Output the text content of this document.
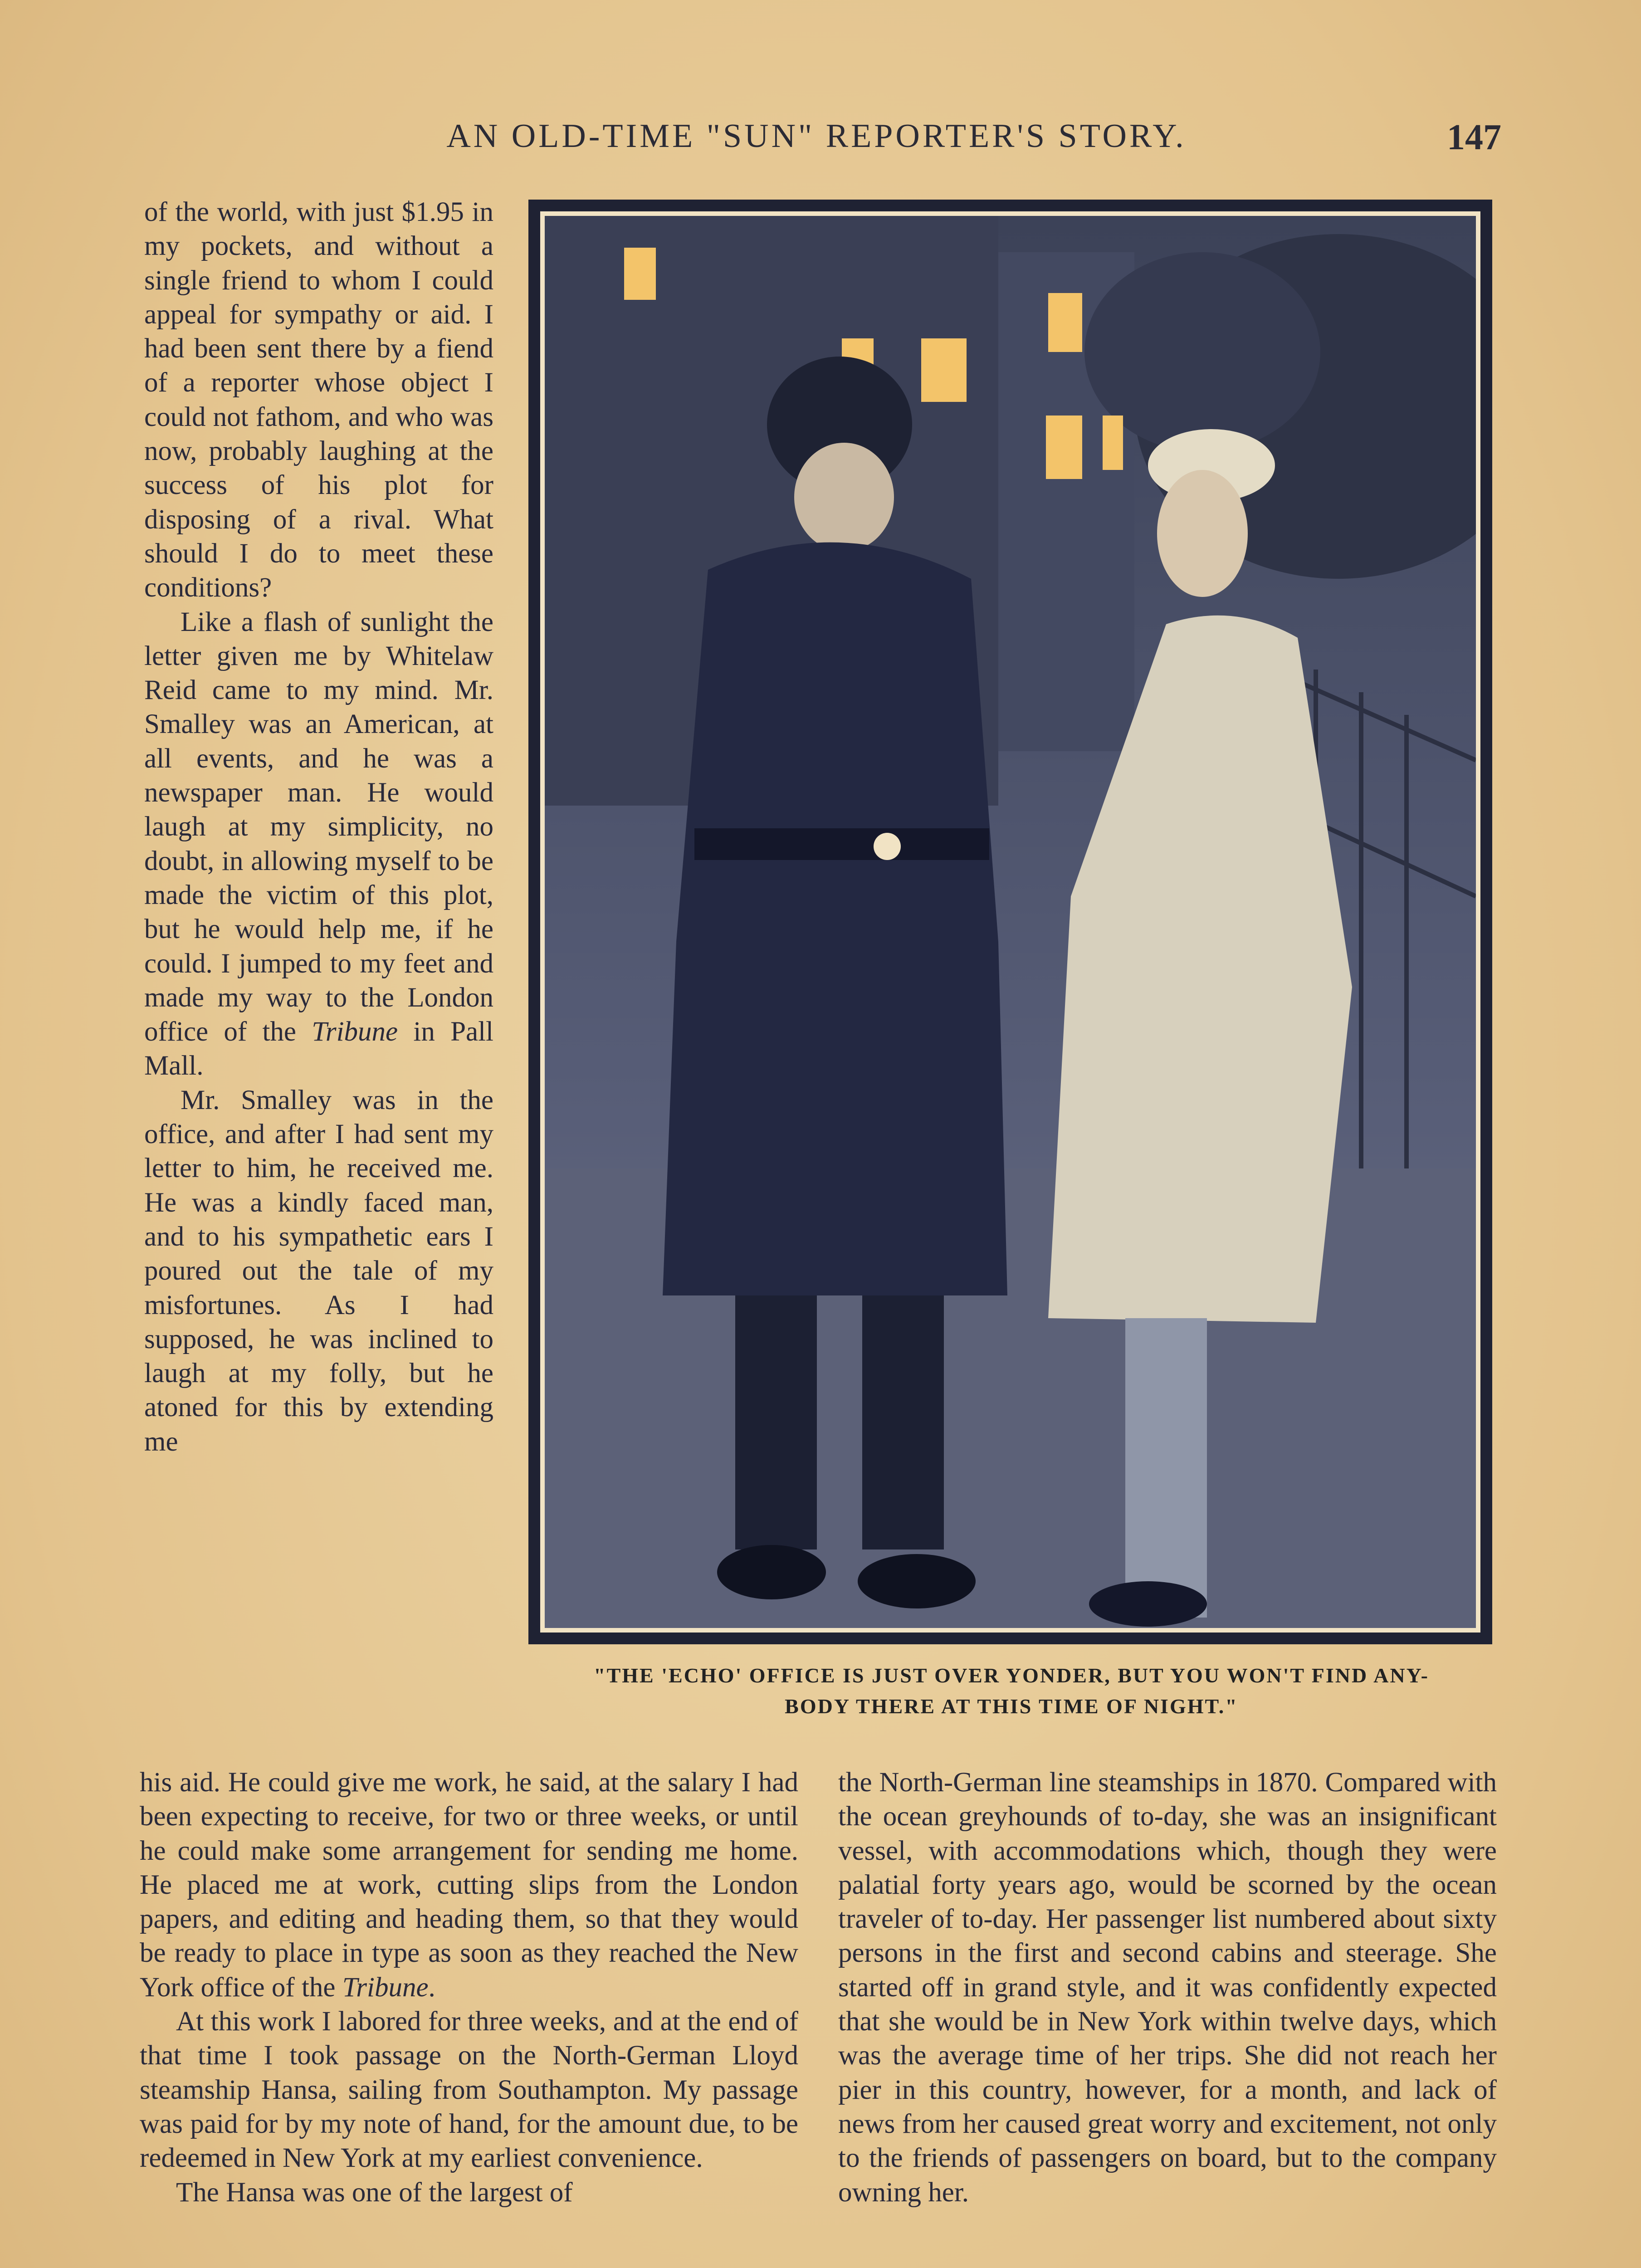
AN OLD-TIME "SUN" REPORTER'S STORY.	147

of the world, with just $1.95 in my pockets, and without a single friend to whom I could appeal for sympathy or aid. I had been sent there by a fiend of a reporter whose object I could not fathom, and who was now, probably laughing at the success of his plot for disposing of a rival. What should I do to meet these conditions?

Like a flash of sunlight the letter given me by Whitelaw Reid came to my mind. Mr. Smalley was an American, at all events, and he was a newspaper man. He would laugh at my simplicity, no doubt, in allowing myself to be made the victim of this plot, but he would help me, if he could. I jumped to my feet and made my way to the London office of the Tribune in Pall Mall.

Mr. Smalley was in the office, and after I had sent my letter to him, he received me. He was a kindly faced man, and to his sympathetic ears I poured out the tale of my misfortunes. As I had supposed, he was inclined to laugh at my folly, but he atoned for this by extending me

"THE 'ECHO' OFFICE IS JUST OVER YONDER, BUT YOU WON'T FIND ANY-
BODY THERE AT THIS TIME OF NIGHT."

his aid. He could give me work, he said, at the salary I had been expecting to receive, for two or three weeks, or until he could make some arrangement for sending me home. He placed me at work, cutting slips from the London papers, and editing and heading them, so that they would be ready to place in type as soon as they reached the New York office of the Tribune.

At this work I labored for three weeks, and at the end of that time I took passage on the North-German Lloyd steamship Hansa, sailing from Southampton. My passage was paid for by my note of hand, for the amount due, to be redeemed in New York at my earliest convenience.

The Hansa was one of the largest of

the North-German line steamships in 1870. Compared with the ocean greyhounds of to-day, she was an insignificant vessel, with accommodations which, though they were palatial forty years ago, would be scorned by the ocean traveler of to-day. Her passenger list numbered about sixty persons in the first and second cabins and steerage. She started off in grand style, and it was confidently expected that she would be in New York within twelve days, which was the average time of her trips. She did not reach her pier in this country, however, for a month, and lack of news from her caused great worry and excitement, not only to the friends of passengers on board, but to the company owning her.
